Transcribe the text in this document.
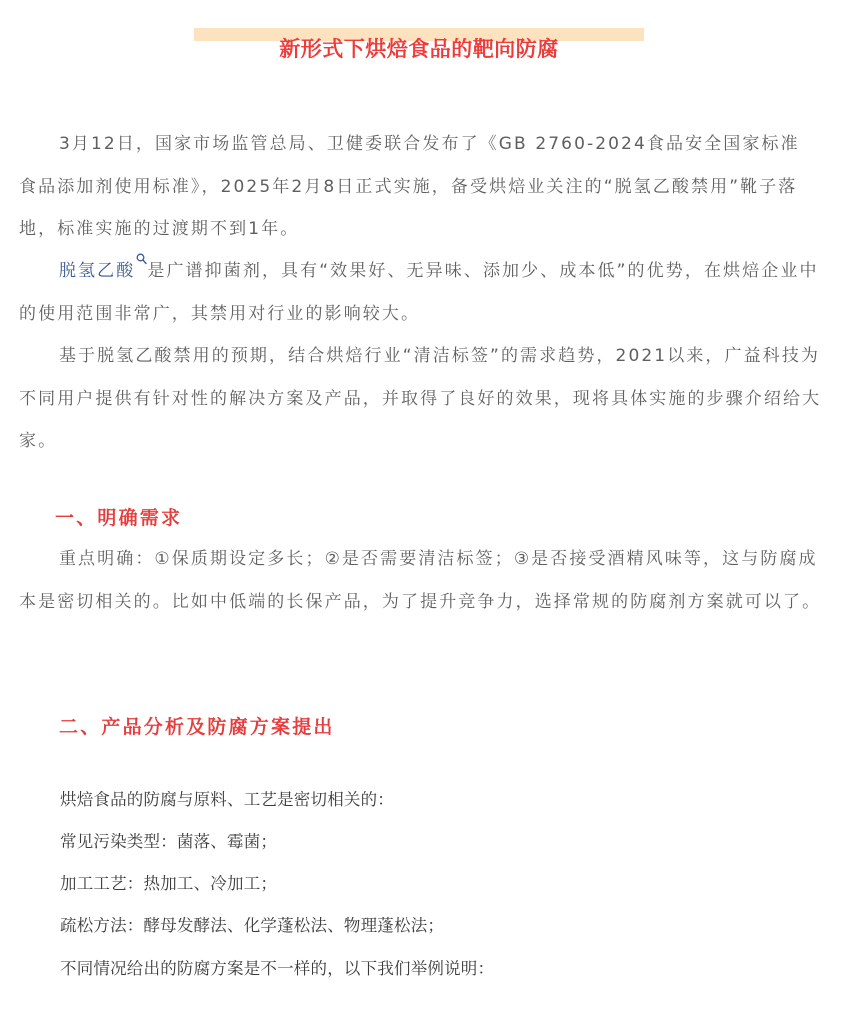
新形式下烘焙食品的靶向防腐

3月12日，国家市场监管总局、卫健委联合发布了《GB 2760-2024食品安全国家标准　食品添加剂使用标准》，2025年2月8日正式实施，备受烘焙业关注的“脱氢乙酸禁用”靴子落地，标准实施的过渡期不到1年。

脱氢乙酸 是广谱抑菌剂，具有“效果好、无异味、添加少、成本低”的优势，在烘焙企业中的使用范围非常广，其禁用对行业的影响较大。

基于脱氢乙酸禁用的预期，结合烘焙行业“清洁标签”的需求趋势，2021以来，广益科技为不同用户提供有针对性的解决方案及产品，并取得了良好的效果，现将具体实施的步骤介绍给大家。

一、明确需求

重点明确：①保质期设定多长；②是否需要清洁标签；③是否接受酒精风味等，这与防腐成本是密切相关的。比如中低端的长保产品，为了提升竞争力，选择常规的防腐剂方案就可以了。

二、产品分析及防腐方案提出

烘焙食品的防腐与原料、工艺是密切相关的：

常见污染类型：菌落、霉菌；

加工工艺：热加工、冷加工；

疏松方法：酵母发酵法、化学蓬松法、物理蓬松法；

不同情况给出的防腐方案是不一样的，以下我们举例说明：
